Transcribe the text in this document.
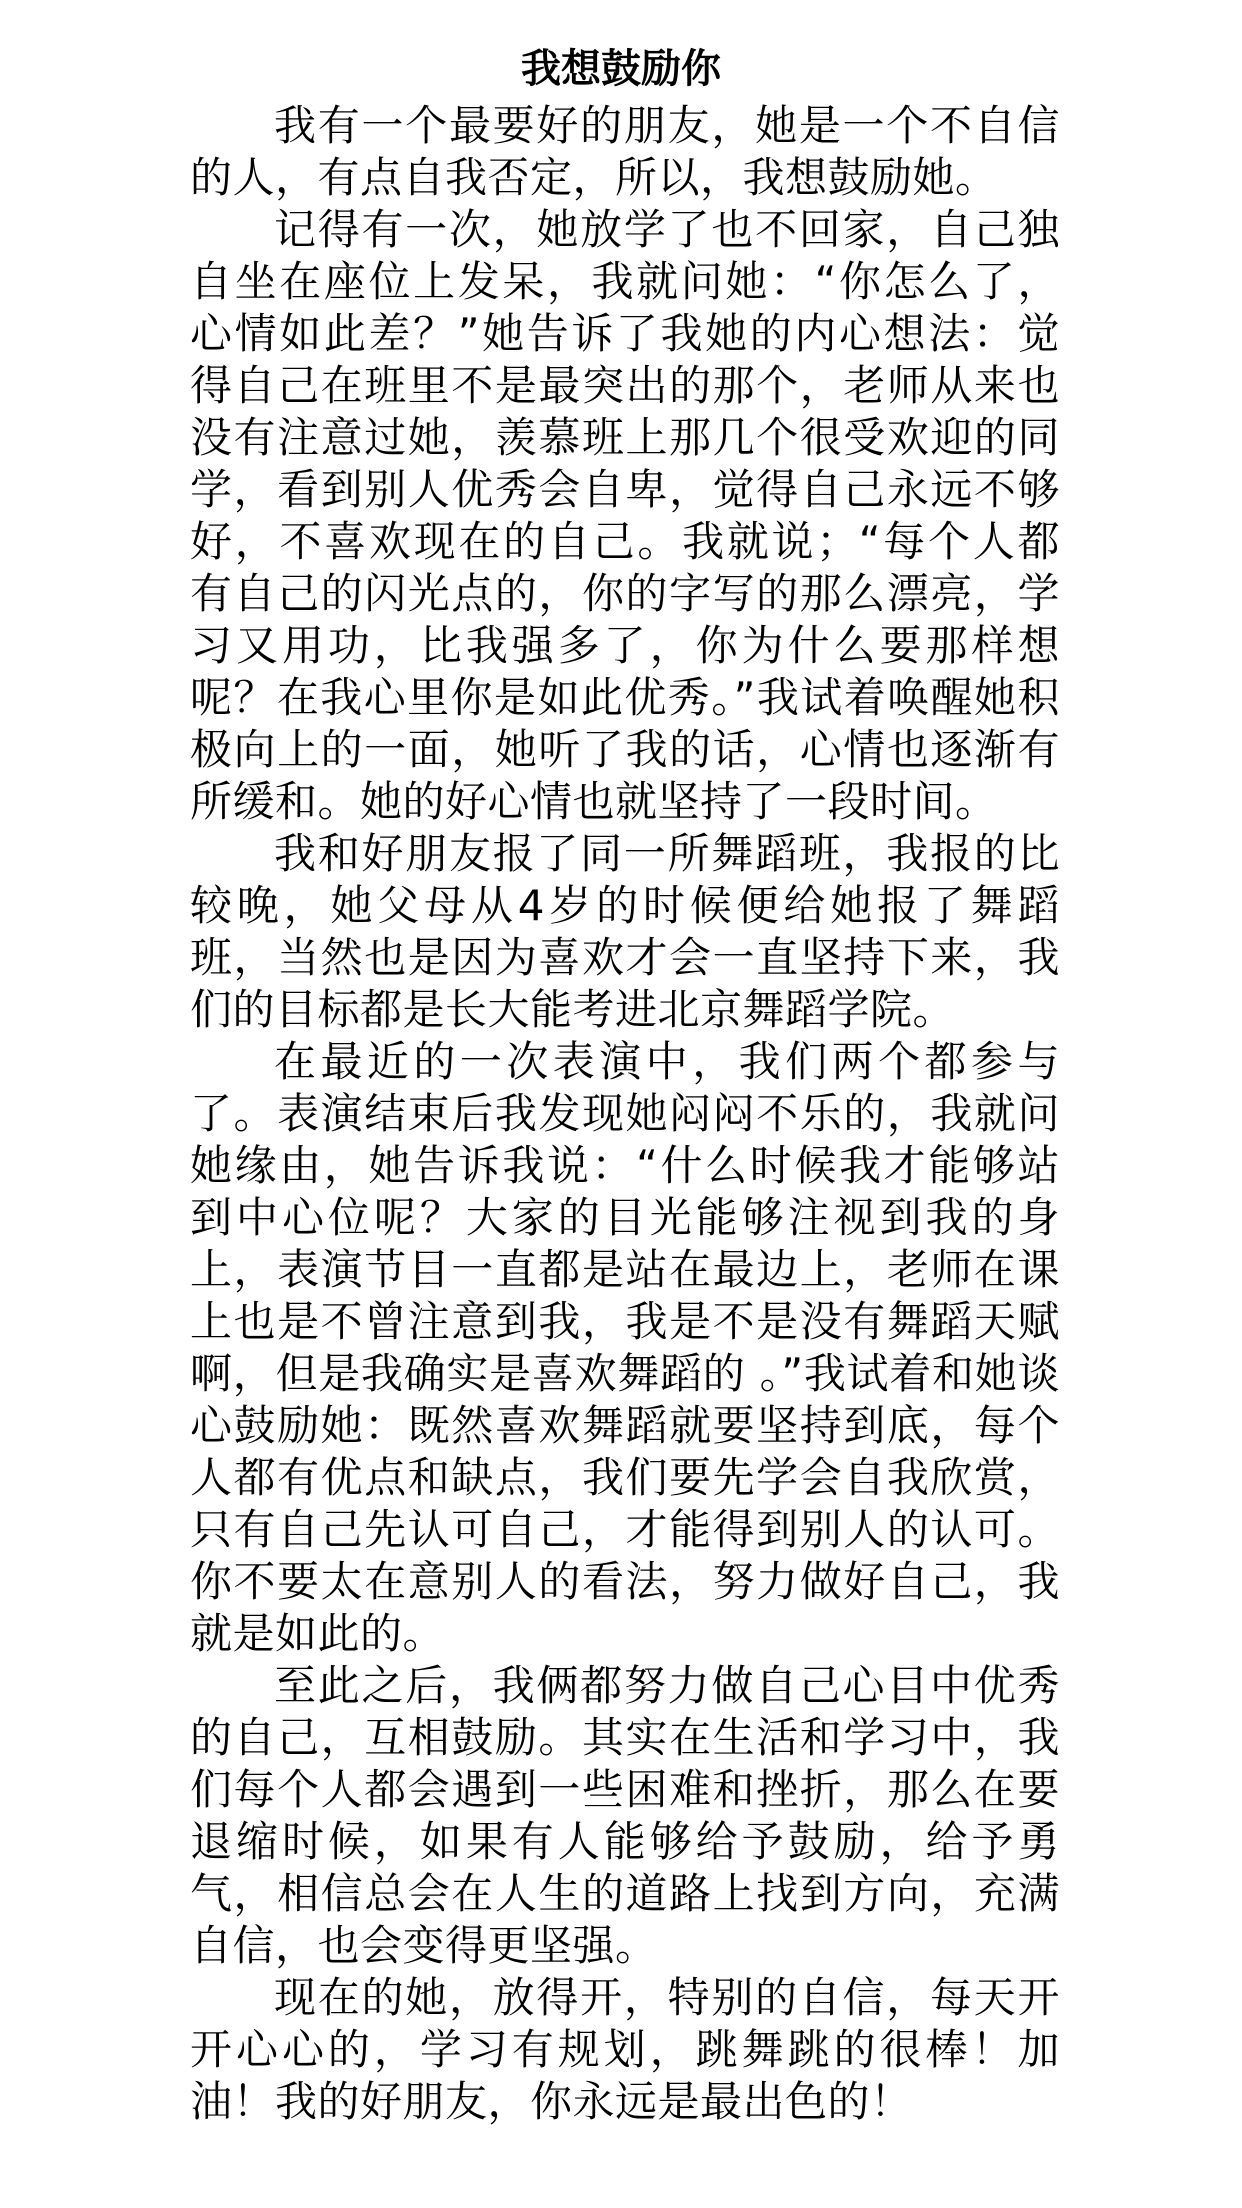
我想鼓励你

我有一个最要好的朋友，她是一个不自信的人，有点自我否定，所以，我想鼓励她。

记得有一次，她放学了也不回家，自己独自坐在座位上发呆，我就问她：“你怎么了，心情如此差？”她告诉了我她的内心想法：觉得自己在班里不是最突出的那个，老师从来也没有注意过她，羡慕班上那几个很受欢迎的同学，看到别人优秀会自卑，觉得自己永远不够好，不喜欢现在的自己。我就说；“每个人都有自己的闪光点的，你的字写的那么漂亮，学习又用功，比我强多了，你为什么要那样想呢？在我心里你是如此优秀。”我试着唤醒她积极向上的一面，她听了我的话，心情也逐渐有所缓和。她的好心情也就坚持了一段时间。

我和好朋友报了同一所舞蹈班，我报的比较晚，她父母从4岁的时候便给她报了舞蹈班，当然也是因为喜欢才会一直坚持下来，我们的目标都是长大能考进北京舞蹈学院。

在最近的一次表演中，我们两个都参与了。表演结束后我发现她闷闷不乐的，我就问她缘由，她告诉我说：“什么时候我才能够站到中心位呢？大家的目光能够注视到我的身上，表演节目一直都是站在最边上，老师在课上也是不曾注意到我，我是不是没有舞蹈天赋啊，但是我确实是喜欢舞蹈的 。”我试着和她谈心鼓励她：既然喜欢舞蹈就要坚持到底，每个人都有优点和缺点，我们要先学会自我欣赏，只有自己先认可自己，才能得到别人的认可。你不要太在意别人的看法，努力做好自己，我就是如此的。

至此之后，我俩都努力做自己心目中优秀的自己，互相鼓励。其实在生活和学习中，我们每个人都会遇到一些困难和挫折，那么在要退缩时候，如果有人能够给予鼓励，给予勇气，相信总会在人生的道路上找到方向，充满自信，也会变得更坚强。

现在的她，放得开，特别的自信，每天开开心心的，学习有规划，跳舞跳的很棒！加油！我的好朋友，你永远是最出色的！
